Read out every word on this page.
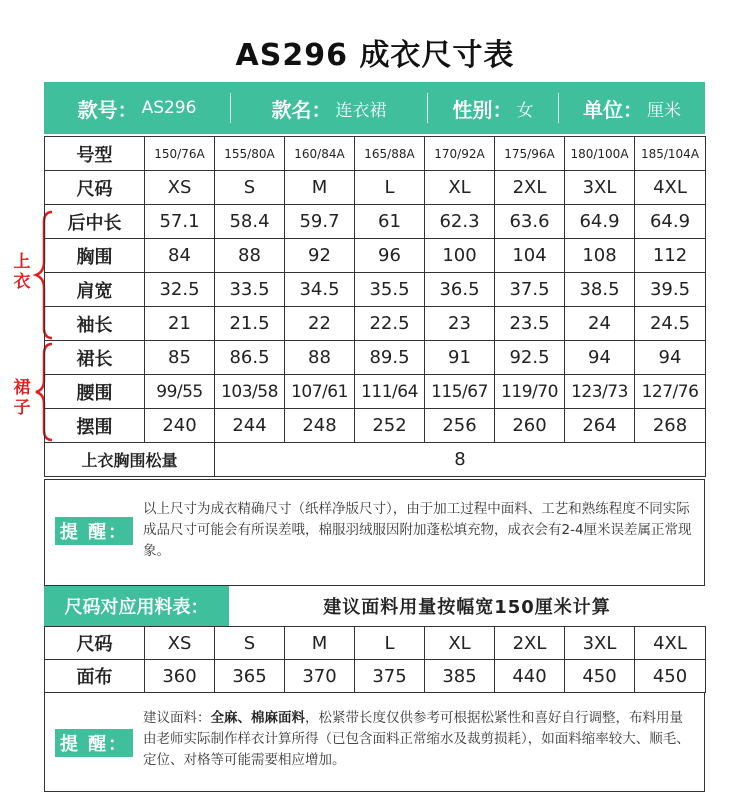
AS296 成衣尺寸表
款号： AS296	款名： 连衣裙	性别： 女 单位： 厘米
上衣
裙子
号型	150/76A	155/80A	160/84A	165/88A	170/92A	175/96A	180/100A	185/104A
尺码	XS	S	M	L	XL	2XL	3XL	4XL
后中长	57.1	58.4	59.7	61	62.3	63.6	64.9	64.9
胸围	84	88	92	96	100	104	108	112
肩宽	32.5	33.5	34.5	35.5	36.5	37.5	38.5	39.5
袖长	21	21.5	22	22.5	23	23.5	24	24.5
裙长	85	86.5	88	89.5	91	92.5	94	94
腰围	99/55	103/58	107/61	111/64	115/67	119/70	123/73	127/76
摆围	240	244	248	252	256	260	264	268
上衣胸围松量		8						
提 醒：
以上尺寸为成衣精确尺寸（纸样净版尺寸），由于加工过程中面料、工艺和熟练程度不同实际成品尺寸可能会有所误差哦，棉服羽绒服因附加蓬松填充物，成衣会有2-4厘米误差属正常现象。
尺码对应用料表：	建议面料用量按幅宽150厘米计算
尺码	XS	S	M	L	XL	2XL	3XL	4XL
面布	360	365	370	375	385	440	450	450
提 醒：
建议面料：全麻、棉麻面料，松紧带长度仅供参考可根据松紧性和喜好自行调整，布料用量由老师实际制作样衣计算所得（已包含面料正常缩水及裁剪损耗），如面料缩率较大、顺毛、定位、对格等可能需要相应增加。
